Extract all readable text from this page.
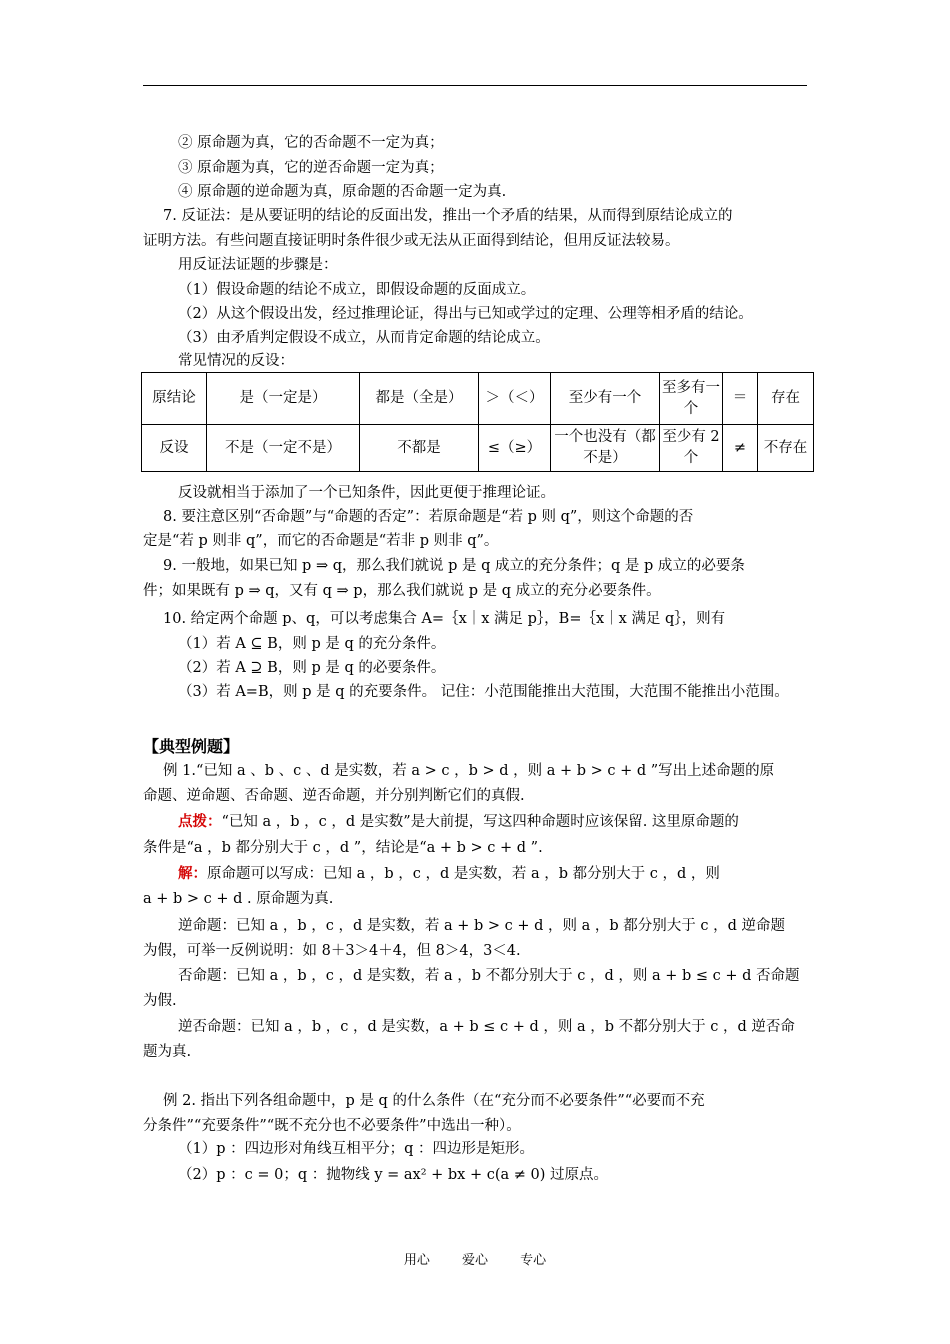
② 原命题为真，它的否命题不一定为真；
③ 原命题为真，它的逆否命题一定为真；
④ 原命题的逆命题为真，原命题的否命题一定为真.
7. 反证法：是从要证明的结论的反面出发，推出一个矛盾的结果，从而得到原结论成立的
证明方法。有些问题直接证明时条件很少或无法从正面得到结论，但用反证法较易。
用反证法证题的步骤是：
（1）假设命题的结论不成立，即假设命题的反面成立。
（2）从这个假设出发，经过推理论证，得出与已知或学过的定理、公理等相矛盾的结论。
（3）由矛盾判定假设不成立，从而肯定命题的结论成立。
常见情况的反设：
原结论	是（一定是）	都是（全是）	＞（＜）	至少有一个	至多有一个	＝	存在
反设	不是（一定不是）	不都是	≤（≥）	一个也没有（都不是）	至少有 2 个	≠	不存在
反设就相当于添加了一个已知条件，因此更便于推理论证。
8. 要注意区别“否命题”与“命题的否定”：若原命题是“若 p 则 q”，则这个命题的否
定是“若 p 则非 q”，而它的否命题是“若非 p 则非 q”。
9. 一般地，如果已知 p ⇒ q，那么我们就说 p 是 q 成立的充分条件；q 是 p 成立的必要条
件；如果既有 p ⇒ q，又有 q ⇒ p，那么我们就说 p 是 q 成立的充分必要条件。
10. 给定两个命题 p、q，可以考虑集合 A=｛x｜x 满足 p｝，B=｛x｜x 满足 q｝，则有
（1）若 A ⊆ B，则 p 是 q 的充分条件。
（2）若 A ⊇ B，则 p 是 q 的必要条件。
（3）若 A=B，则 p 是 q 的充要条件。 记住：小范围能推出大范围，大范围不能推出小范围。
【典型例题】
例 1.“已知 a 、b 、c 、d 是实数，若 a > c ，b > d ，则 a + b > c + d ”写出上述命题的原
命题、逆命题、否命题、逆否命题，并分别判断它们的真假.
点拨：“已知 a ，b ，c ，d 是实数”是大前提，写这四种命题时应该保留. 这里原命题的
条件是“a ，b 都分别大于 c ，d ”，结论是“a + b > c + d ”.
解：原命题可以写成：已知 a ，b ，c ，d 是实数，若 a ，b 都分别大于 c ，d ，则
a + b > c + d . 原命题为真.
逆命题：已知 a ，b ，c ，d 是实数，若 a + b > c + d ，则 a ，b 都分别大于 c ，d 逆命题
为假，可举一反例说明：如 8＋3＞4＋4，但 8＞4，3＜4.
否命题：已知 a ，b ，c ，d 是实数，若 a ，b 不都分别大于 c ，d ，则 a + b ≤ c + d 否命题
为假.
逆否命题：已知 a ，b ，c ，d 是实数，a + b ≤ c + d ，则 a ，b 不都分别大于 c ，d 逆否命
题为真.
例 2. 指出下列各组命题中，p 是 q 的什么条件（在“充分而不必要条件”“必要而不充
分条件”“充要条件”“既不充分也不必要条件”中选出一种）。
（1）p ：四边形对角线互相平分；q ：四边形是矩形。
（2）p ：c = 0；q ：抛物线 y = ax² + bx + c(a ≠ 0) 过原点。
用心 爱心 专心
